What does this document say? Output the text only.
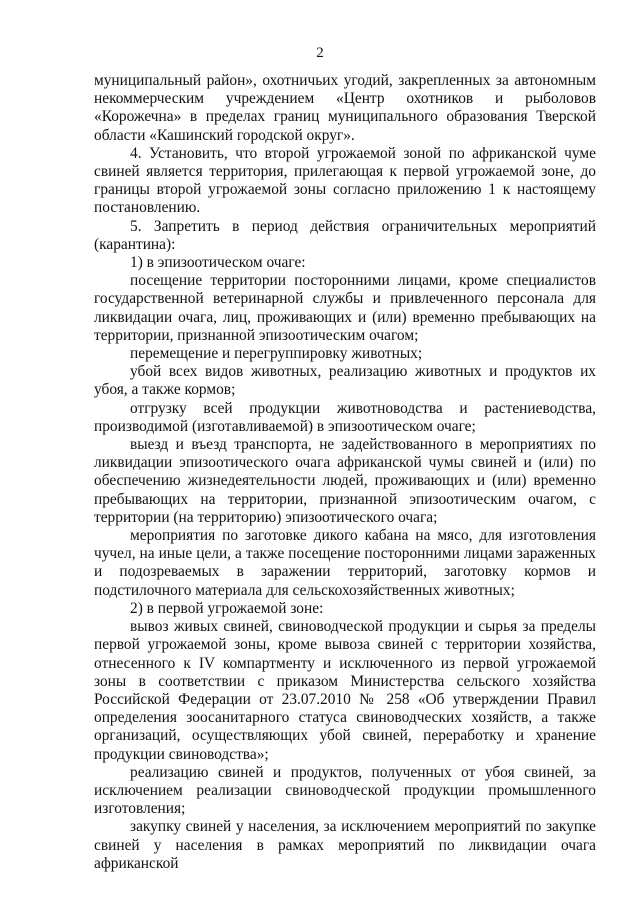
2

муниципальный район», охотничьих угодий, закрепленных за автономным некоммерческим учреждением «Центр охотников и рыболовов «Корожечна» в пределах границ муниципального образования Тверской области «Кашинский городской округ».

4. Установить, что второй угрожаемой зоной по африканской чуме свиней является территория, прилегающая к первой угрожаемой зоне, до границы второй угрожаемой зоны согласно приложению 1 к настоящему постановлению.

5. Запретить в период действия ограничительных мероприятий (карантина):

1) в эпизоотическом очаге:

посещение территории посторонними лицами, кроме специалистов государственной ветеринарной службы и привлеченного персонала для ликвидации очага, лиц, проживающих и (или) временно пребывающих на территории, признанной эпизоотическим очагом;

перемещение и перегруппировку животных;

убой всех видов животных, реализацию животных и продуктов их убоя, а также кормов;

отгрузку всей продукции животноводства и растениеводства, производимой (изготавливаемой) в эпизоотическом очаге;

выезд и въезд транспорта, не задействованного в мероприятиях по ликвидации эпизоотического очага африканской чумы свиней и (или) по обеспечению жизнедеятельности людей, проживающих и (или) временно пребывающих на территории, признанной эпизоотическим очагом, с территории (на территорию) эпизоотического очага;

мероприятия по заготовке дикого кабана на мясо, для изготовления чучел, на иные цели, а также посещение посторонними лицами зараженных и подозреваемых в заражении территорий, заготовку кормов и подстилочного материала для сельскохозяйственных животных;

2) в первой угрожаемой зоне:

вывоз живых свиней, свиноводческой продукции и сырья за пределы первой угрожаемой зоны, кроме вывоза свиней с территории хозяйства, отнесенного к IV компартменту и исключенного из первой угрожаемой зоны в соответствии с приказом Министерства сельского хозяйства Российской Федерации от 23.07.2010 № 258 «Об утверждении Правил определения зоосанитарного статуса свиноводческих хозяйств, а также организаций, осуществляющих убой свиней, переработку и хранение продукции свиноводства»;

реализацию свиней и продуктов, полученных от убоя свиней, за исключением реализации свиноводческой продукции промышленного изготовления;

закупку свиней у населения, за исключением мероприятий по закупке свиней у населения в рамках мероприятий по ликвидации очага африканской
